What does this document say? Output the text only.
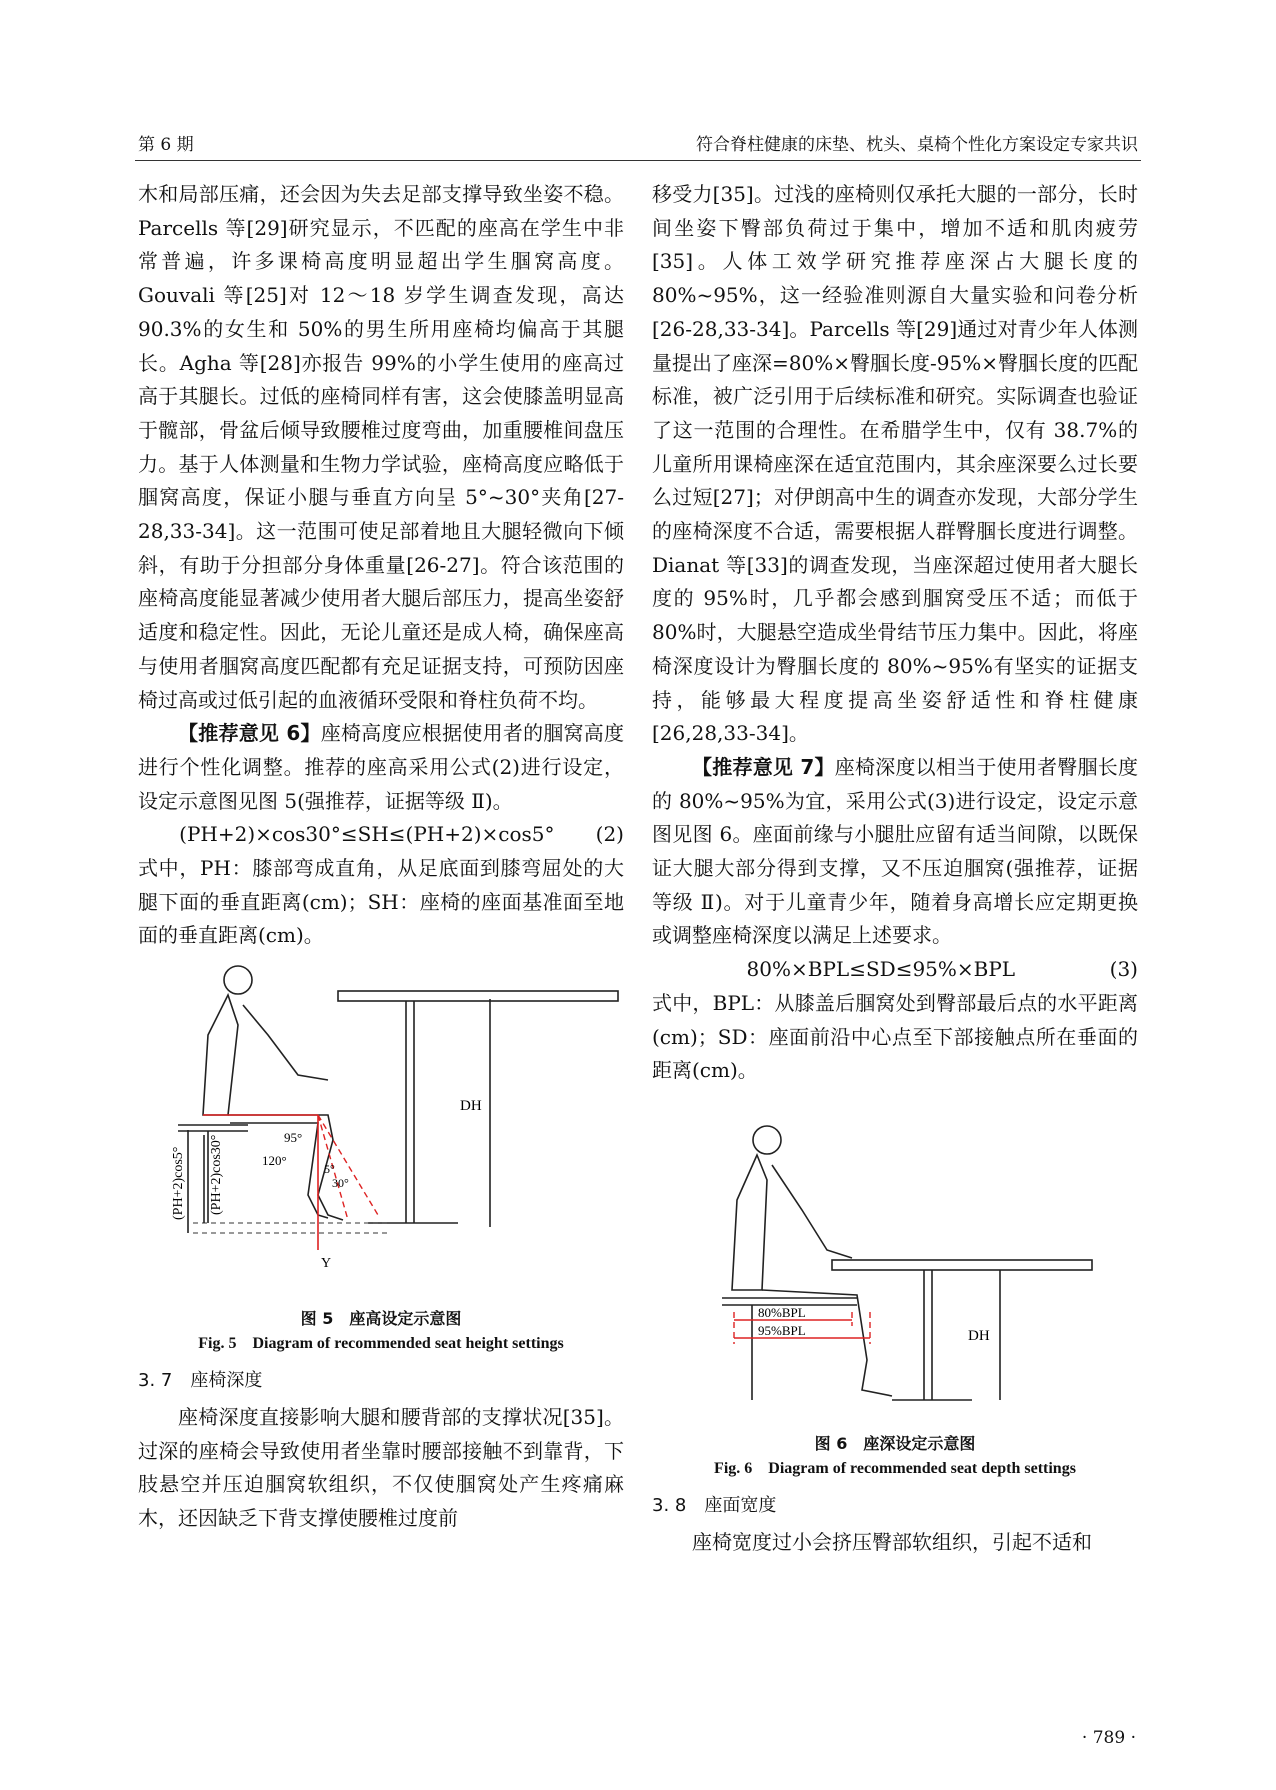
第 6 期	符合脊柱健康的床垫、枕头、桌椅个性化方案设定专家共识

木和局部压痛，还会因为失去足部支撑导致坐姿不稳。Parcells 等[29]研究显示，不匹配的座高在学生中非常普遍，许多课椅高度明显超出学生腘窝高度。Gouvali 等[25]对 12～18 岁学生调查发现，高达 90.3%的女生和 50%的男生所用座椅均偏高于其腿长。Agha 等[28]亦报告 99%的小学生使用的座高过高于其腿长。过低的座椅同样有害，这会使膝盖明显高于髋部，骨盆后倾导致腰椎过度弯曲，加重腰椎间盘压力。基于人体测量和生物力学试验，座椅高度应略低于腘窝高度，保证小腿与垂直方向呈 5°~30°夹角[27-28,33-34]。这一范围可使足部着地且大腿轻微向下倾斜，有助于分担部分身体重量[26-27]。符合该范围的座椅高度能显著减少使用者大腿后部压力，提高坐姿舒适度和稳定性。因此，无论儿童还是成人椅，确保座高与使用者腘窝高度匹配都有充足证据支持，可预防因座椅过高或过低引起的血液循环受限和脊柱负荷不均。

【推荐意见 6】座椅高度应根据使用者的腘窝高度进行个性化调整。推荐的座高采用公式(2)进行设定，设定示意图见图 5(强推荐，证据等级 Ⅱ)。

(PH+2)×cos30°≤SH≤(PH+2)×cos5°	(2)

式中，PH：膝部弯成直角，从足底面到膝弯屈处的大腿下面的垂直距离(cm)；SH：座椅的座面基准面至地面的垂直距离(cm)。

DH
(PH+2)cos5° (PH+2)cos30°	95°
120°
5°
30°
Y
图 5　座高设定示意图
Fig. 5　Diagram of recommended seat height settings
3. 7　座椅深度

座椅深度直接影响大腿和腰背部的支撑状况[35]。过深的座椅会导致使用者坐靠时腰部接触不到靠背，下肢悬空并压迫腘窝软组织，不仅使腘窝处产生疼痛麻木，还因缺乏下背支撑使腰椎过度前

移受力[35]。过浅的座椅则仅承托大腿的一部分，长时间坐姿下臀部负荷过于集中，增加不适和肌肉疲劳[35]。人体工效学研究推荐座深占大腿长度的 80%~95%，这一经验准则源自大量实验和问卷分析[26-28,33-34]。Parcells 等[29]通过对青少年人体测量提出了座深=80%×臀腘长度-95%×臀腘长度的匹配标准，被广泛引用于后续标准和研究。实际调查也验证了这一范围的合理性。在希腊学生中，仅有 38.7%的儿童所用课椅座深在适宜范围内，其余座深要么过长要么过短[27]；对伊朗高中生的调查亦发现，大部分学生的座椅深度不合适，需要根据人群臀腘长度进行调整。Dianat 等[33]的调查发现，当座深超过使用者大腿长度的 95%时，几乎都会感到腘窝受压不适；而低于 80%时，大腿悬空造成坐骨结节压力集中。因此，将座椅深度设计为臀腘长度的 80%~95%有坚实的证据支持，能够最大程度提高坐姿舒适性和脊柱健康[26,28,33-34]。

【推荐意见 7】座椅深度以相当于使用者臀腘长度的 80%~95%为宜，采用公式(3)进行设定，设定示意图见图 6。座面前缘与小腿肚应留有适当间隙，以既保证大腿大部分得到支撑，又不压迫腘窝(强推荐，证据等级 Ⅱ)。对于儿童青少年，随着身高增长应定期更换或调整座椅深度以满足上述要求。

80%×BPL≤SD≤95%×BPL	(3)

式中，BPL：从膝盖后腘窝处到臀部最后点的水平距离(cm)；SD：座面前沿中心点至下部接触点所在垂面的距离(cm)。

DH
80%BPL
95%BPL
图 6　座深设定示意图
Fig. 6　Diagram of recommended seat depth settings
3. 8　座面宽度

座椅宽度过小会挤压臀部软组织，引起不适和

· 789 ·
